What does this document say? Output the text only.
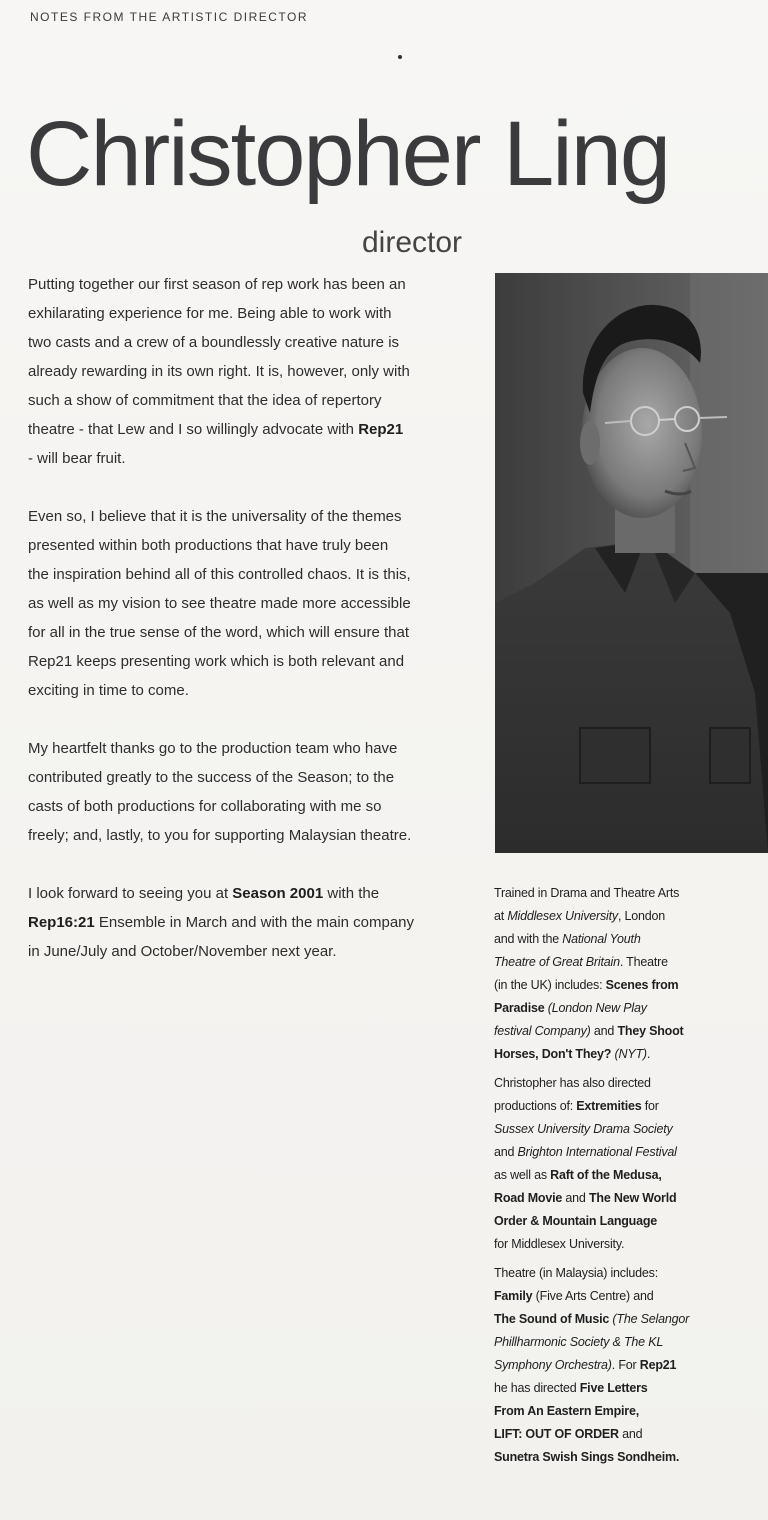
NOTES FROM THE ARTISTIC DIRECTOR
Christopher Ling
director

Putting together our first season of rep work has been an
exhilarating experience for me. Being able to work with
two casts and a crew of a boundlessly creative nature is
already rewarding in its own right. It is, however, only with
such a show of commitment that the idea of repertory
theatre - that Lew and I so willingly advocate with Rep21
- will bear fruit.

Even so, I believe that it is the universality of the themes
presented within both productions that have truly been
the inspiration behind all of this controlled chaos. It is this,
as well as my vision to see theatre made more accessible
for all in the true sense of the word, which will ensure that
Rep21 keeps presenting work which is both relevant and
exciting in time to come.

My heartfelt thanks go to the production team who have
contributed greatly to the success of the Season; to the
casts of both productions for collaborating with me so
freely; and, lastly, to you for supporting Malaysian theatre.

I look forward to seeing you at Season 2001 with the
Rep16:21 Ensemble in March and with the main company
in June/July and October/November next year.

Trained in Drama and Theatre Arts
at Middlesex University, London
and with the National Youth
Theatre of Great Britain. Theatre
(in the UK) includes: Scenes from
Paradise (London New Play
festival Company) and They Shoot
Horses, Don't They? (NYT).

Christopher has also directed
productions of: Extremities for
Sussex University Drama Society
and Brighton International Festival
as well as Raft of the Medusa,
Road Movie and The New World
Order & Mountain Language
for Middlesex University.

Theatre (in Malaysia) includes:
Family (Five Arts Centre) and
The Sound of Music (The Selangor
Phillharmonic Society & The KL
Symphony Orchestra). For Rep21
he has directed Five Letters
From An Eastern Empire,
LIFT: OUT OF ORDER and
Sunetra Swish Sings Sondheim.
